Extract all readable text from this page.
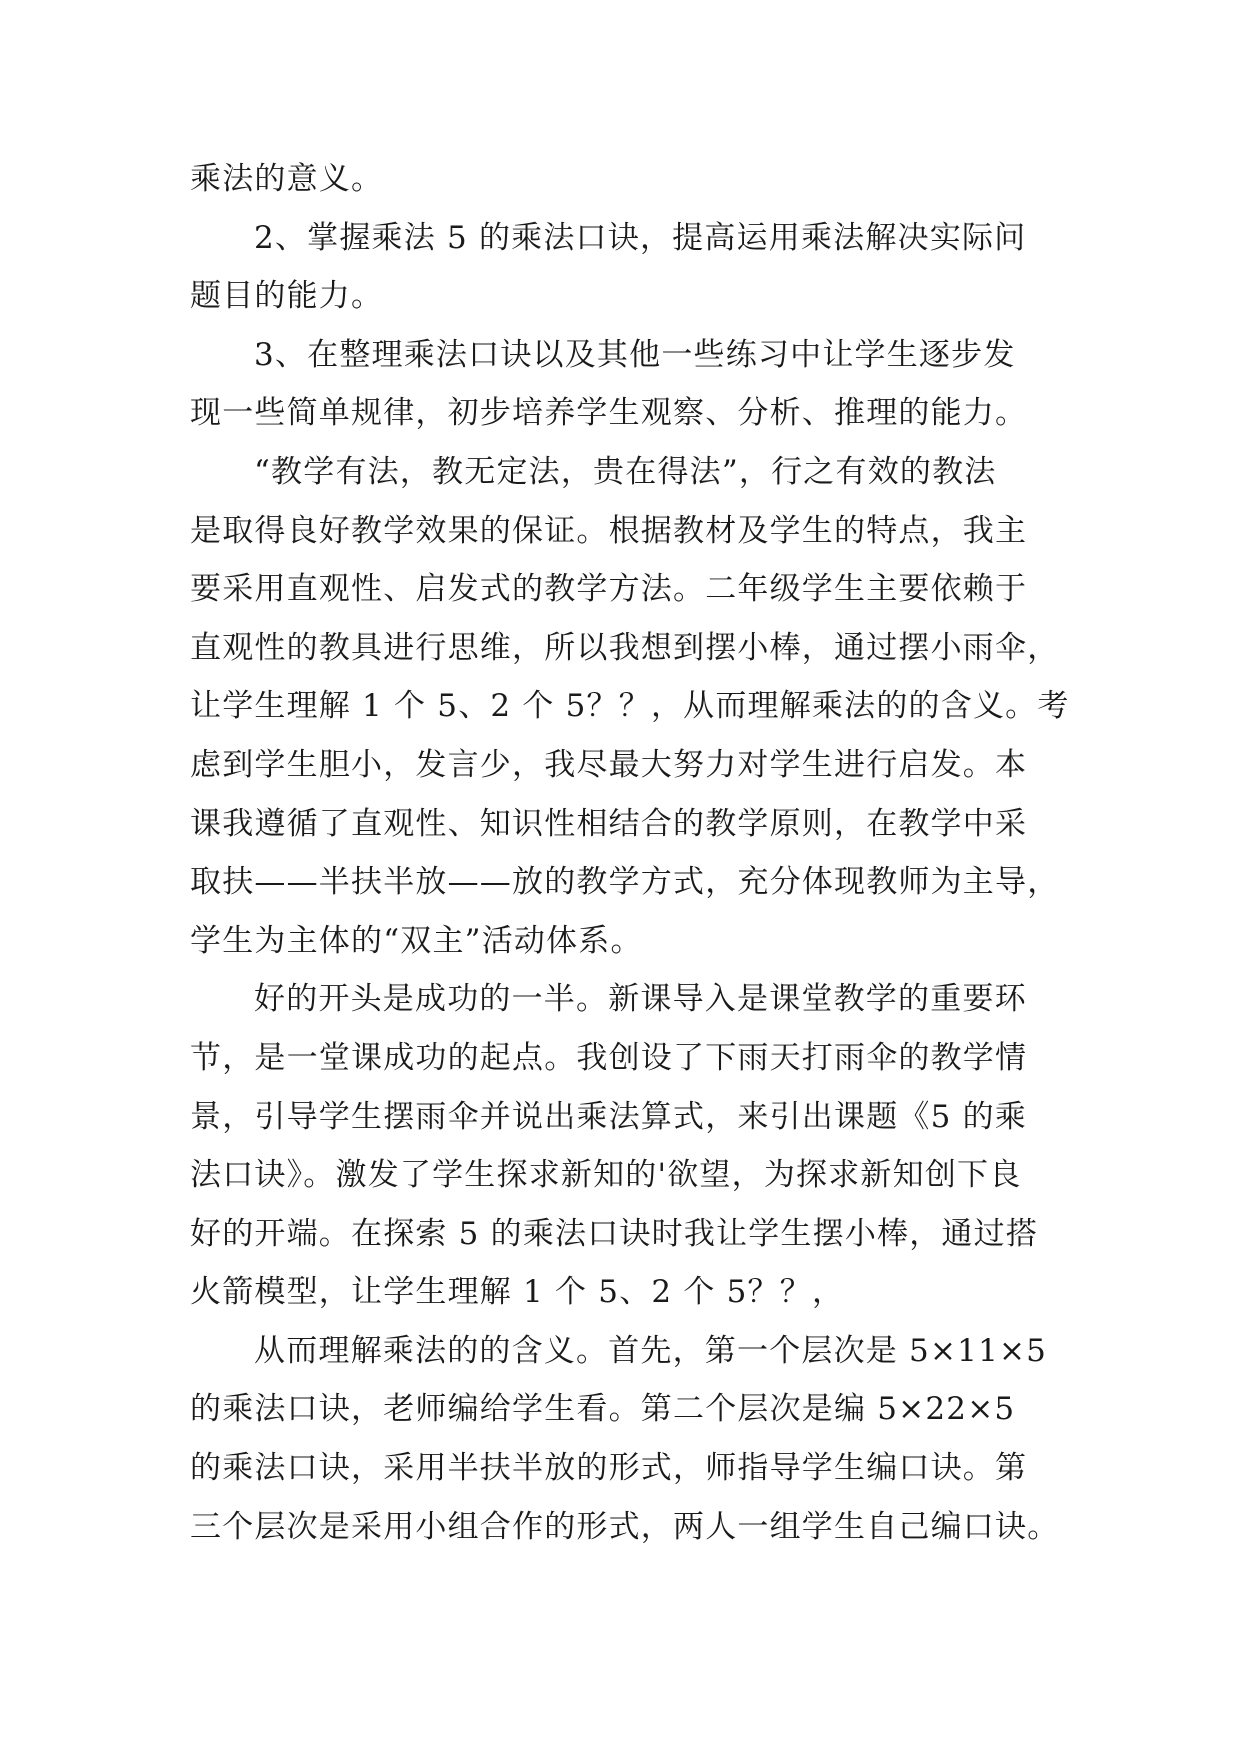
乘法的意义。
2、掌握乘法 5 的乘法口诀，提高运用乘法解决实际问
题目的能力。
3、在整理乘法口诀以及其他一些练习中让学生逐步发
现一些简单规律，初步培养学生观察、分析、推理的能力。
“教学有法，教无定法，贵在得法”，行之有效的教法
是取得良好教学效果的保证。根据教材及学生的特点，我主
要采用直观性、启发式的教学方法。二年级学生主要依赖于
直观性的教具进行思维，所以我想到摆小棒，通过摆小雨伞，
让学生理解 1 个 5、2 个 5？？，从而理解乘法的的含义。考
虑到学生胆小，发言少，我尽最大努力对学生进行启发。本
课我遵循了直观性、知识性相结合的教学原则，在教学中采
取扶——半扶半放——放的教学方式，充分体现教师为主导，
学生为主体的“双主”活动体系。
好的开头是成功的一半。新课导入是课堂教学的重要环
节，是一堂课成功的起点。我创设了下雨天打雨伞的教学情
景，引导学生摆雨伞并说出乘法算式，来引出课题《5 的乘
法口诀》。激发了学生探求新知的'欲望，为探求新知创下良
好的开端。在探索 5 的乘法口诀时我让学生摆小棒，通过搭
火箭模型，让学生理解 1 个 5、2 个 5？？，
从而理解乘法的的含义。首先，第一个层次是 5×11×5
的乘法口诀，老师编给学生看。第二个层次是编 5×22×5
的乘法口诀，采用半扶半放的形式，师指导学生编口诀。第
三个层次是采用小组合作的形式，两人一组学生自己编口诀。
